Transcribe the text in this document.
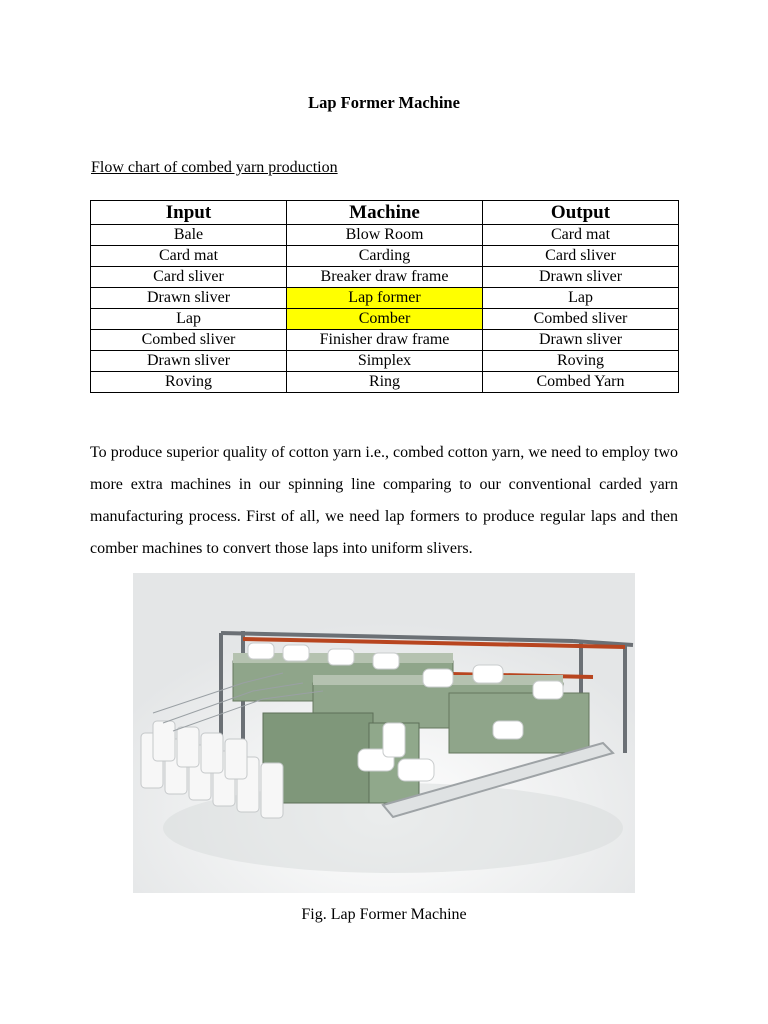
Lap Former Machine
Flow chart of combed yarn production
Input	Machine	Output
Bale	Blow Room	Card mat
Card mat	Carding	Card sliver
Card sliver	Breaker draw frame	Drawn sliver
Drawn sliver	Lap former	Lap
Lap	Comber	Combed sliver
Combed sliver	Finisher draw frame	Drawn sliver
Drawn sliver	Simplex	Roving
Roving	Ring	Combed Yarn
To produce superior quality of cotton yarn i.e., combed cotton yarn, we need to employ two more extra machines in our spinning line comparing to our conventional carded yarn manufacturing process. First of all, we need lap formers to produce regular laps and then comber machines to convert those laps into uniform slivers.
Fig. Lap Former Machine
